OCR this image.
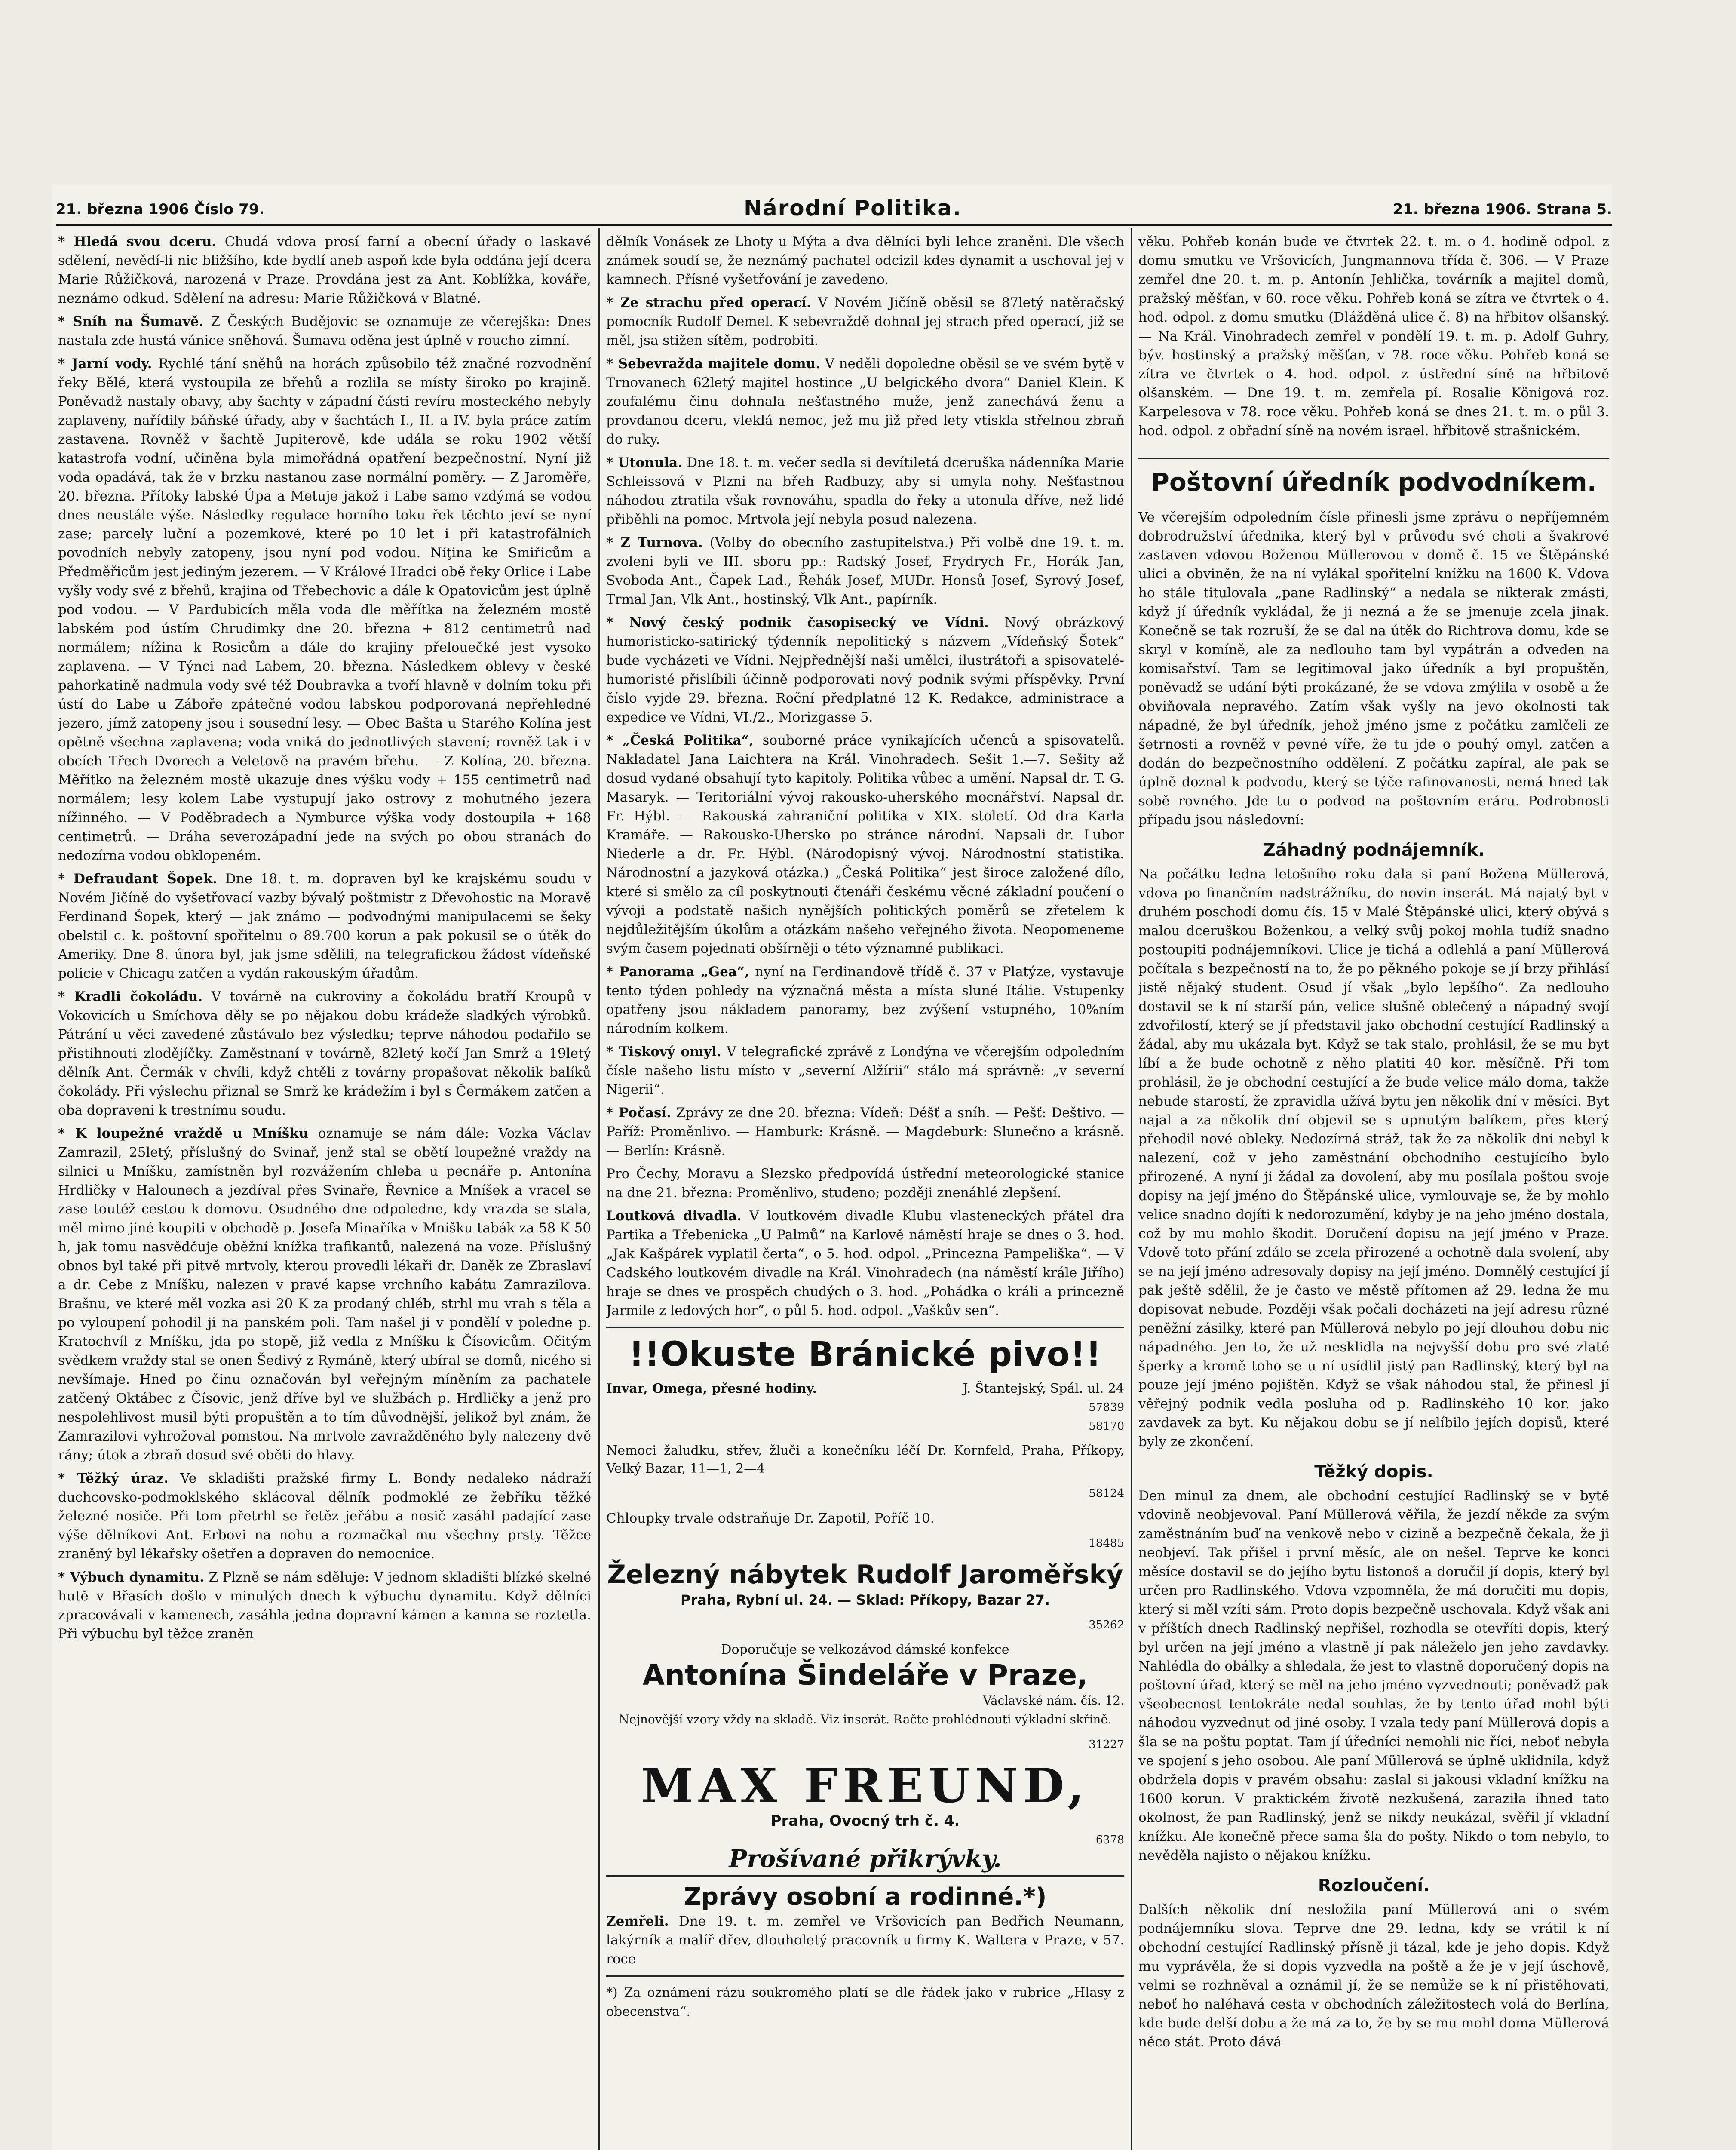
21. března 1906 Číslo 79.	Národní Politika.	21. března 1906. Strana 5.

* Hledá svou dceru. Chudá vdova prosí farní a obecní úřady o laskavé sdělení, nevědí-li nic bližšího, kde bydlí aneb aspoň kde byla oddána její dcera Marie Růžičková, narozená v Praze. Provdána jest za Ant. Koblížka, kováře, neznámo odkud. Sdělení na adresu: Marie Růžičková v Blatné.

* Sníh na Šumavě. Z Českých Budějovic se oznamuje ze včerejška: Dnes nastala zde hustá vánice sněhová. Šumava oděna jest úplně v roucho zimní.

* Jarní vody. Rychlé tání sněhů na horách způsobilo též značné rozvodnění řeky Bělé, která vystoupila ze břehů a rozlila se místy široko po krajině. Poněvadž nastaly obavy, aby šachty v západní části revíru mosteckého nebyly zaplaveny, nařídily báňské úřady, aby v šachtách I., II. a IV. byla práce zatím zastavena. Rovněž v šachtě Jupiterově, kde udála se roku 1902 větší katastrofa vodní, učiněna byla mimořádná opatření bezpečnostní. Nyní již voda opadává, tak že v brzku nastanou zase normální poměry. — Z Jaroměře, 20. března. Přítoky labské Úpa a Metuje jakož i Labe samo vzdýmá se vodou dnes neustále výše. Následky regulace horního toku řek těchto jeví se nyní zase; parcely luční a pozemkové, které po 10 let i při katastrofálních povodních nebyly zatopeny, jsou nyní pod vodou. Níţina ke Smiřicům a Předměřicům jest jediným jezerem. — V Králové Hradci obě řeky Orlice i Labe vyšly vody své z břehů, krajina od Třebechovic a dále k Opatovicům jest úplně pod vodou. — V Pardubicích měla voda dle měřítka na železném mostě labském pod ústím Chrudimky dne 20. března + 812 centimetrů nad normálem; nížina k Rosicům a dále do krajiny přelouečké jest vysoko zaplavena. — V Týnci nad Labem, 20. března. Následkem oblevy v české pahorkatině nadmula vody své též Doubravka a tvoří hlavně v dolním toku při ústí do Labe u Záboře zpátečné vodou labskou podporovaná nepřehledné jezero, jímž zatopeny jsou i sousední lesy. — Obec Bašta u Starého Kolína jest opětně všechna zaplavena; voda vniká do jednotlivých stavení; rovněž tak i v obcích Třech Dvorech a Veletově na pravém břehu. — Z Kolína, 20. března. Měřítko na železném mostě ukazuje dnes výšku vody + 155 centimetrů nad normálem; lesy kolem Labe vystupují jako ostrovy z mohutného jezera nížinného. — V Poděbradech a Nymburce výška vody dostoupila + 168 centimetrů. — Dráha severozápadní jede na svých po obou stranách do nedozírna vodou obklopeném.

* Defraudant Šopek. Dne 18. t. m. dopraven byl ke krajskému soudu v Novém Jičíně do vyšetřovací vazby bývalý poštmistr z Dřevohostic na Moravě Ferdinand Šopek, který — jak známo — podvodnými manipulacemi se šeky obelstil c. k. poštovní spořitelnu o 89.700 korun a pak pokusil se o útěk do Ameriky. Dne 8. února byl, jak jsme sdělili, na telegrafickou žádost vídeňské policie v Chicagu zatčen a vydán rakouským úřadům.

* Kradli čokoládu. V továrně na cukroviny a čokoládu bratří Kroupů v Vokovicích u Smíchova děly se po nějakou dobu krádeže sladkých výrobků. Pátrání u věci zavedené zůstávalo bez výsledku; teprve náhodou podařilo se přistihnouti zlodějíčky. Zaměstnaní v továrně, 82letý kočí Jan Smrž a 19letý dělník Ant. Čermák v chvíli, když chtěli z továrny propašovat několik balíků čokolády. Při výslechu přiznal se Smrž ke krádežím i byl s Čermákem zatčen a oba dopraveni k trestnímu soudu.

* K loupežné vraždě u Mníšku oznamuje se nám dále: Vozka Václav Zamrazil, 25letý, příslušný do Svinař, jenž stal se obětí loupežné vraždy na silnici u Mníšku, zamístněn byl rozvážením chleba u pecnáře p. Antonína Hrdličky v Halounech a jezdíval přes Svinaře, Řevnice a Mníšek a vracel se zase toutéž cestou k domovu. Osudného dne odpoledne, kdy vrazda se stala, měl mimo jiné koupiti v obchodě p. Josefa Minaříka v Mníšku tabák za 58 K 50 h, jak tomu nasvědčuje oběžní knížka trafikantů, nalezená na voze. Příslušný obnos byl také při pitvě mrtvoly, kterou provedli lékaři dr. Daněk ze Zbraslaví a dr. Cebe z Mníšku, nalezen v pravé kapse vrchního kabátu Zamrazilova. Brašnu, ve které měl vozka asi 20 K za prodaný chléb, strhl mu vrah s těla a po vyloupení pohodil ji na panském poli. Tam našel ji v pondělí v poledne p. Kratochvíl z Mníšku, jda po stopě, již vedla z Mníšku k Čísovicům. Očitým svědkem vraždy stal se onen Šedivý z Rymáně, který ubíral se domů, nicého si nevšímaje. Hned po činu označován byl veřejným míněním za pachatele zatčený Oktábec z Čísovic, jenž dříve byl ve službách p. Hrdličky a jenž pro nespolehlivost musil býti propuštěn a to tím důvodnější, jelikož byl znám, že Zamrazilovi vyhrožoval pomstou. Na mrtvole zavražděného byly nalezeny dvě rány; útok a zbraň dosud své oběti do hlavy.

* Těžký úraz. Ve skladišti pražské firmy L. Bondy nedaleko nádraží duchcovsko-podmoklského sklácoval dělník podmoklé ze žebříku těžké železné nosiče. Při tom přetrhl se řetěz jeřábu a nosič zasáhl padající zase výše dělníkovi Ant. Erbovi na nohu a rozmačkal mu všechny prsty. Těžce zraněný byl lékařsky ošetřen a dopraven do nemocnice.

* Výbuch dynamitu. Z Plzně se nám sděluje: V jednom skladišti blízké skelné hutě v Břasích došlo v minulých dnech k výbuchu dynamitu. Když dělníci zpracovávali v kamenech, zasáhla jedna dopravní kámen a kamna se roztetla. Při výbuchu byl těžce zraněn

dělník Vonásek ze Lhoty u Mýta a dva dělníci byli lehce zraněni. Dle všech známek soudí se, že neznámý pachatel odcizil kdes dynamit a uschoval jej v kamnech. Přísné vyšetřování je zavedeno.

* Ze strachu před operací. V Novém Jičíně oběsil se 87letý natěračský pomocník Rudolf Demel. K sebevraždě dohnal jej strach před operací, již se měl, jsa stižen sítěm, podrobiti.

* Sebevražda majitele domu. V neděli dopoledne oběsil se ve svém bytě v Trnovanech 62letý majitel hostince „U belgického dvora“ Daniel Klein. K zoufalému činu dohnala nešťastného muže, jenž zanechává ženu a provdanou dceru, vleklá nemoc, jež mu již před lety vtiskla střelnou zbraň do ruky.

* Utonula. Dne 18. t. m. večer sedla si devítiletá dceruška nádenníka Marie Schleissová v Plzni na břeh Radbuzy, aby si umyla nohy. Nešťastnou náhodou ztratila však rovnováhu, spadla do řeky a utonula dříve, než lidé přiběhli na pomoc. Mrtvola její nebyla posud nalezena.

* Z Turnova. (Volby do obecního zastupitelstva.) Při volbě dne 19. t. m. zvoleni byli ve III. sboru pp.: Radský Josef, Frydrych Fr., Horák Jan, Svoboda Ant., Čapek Lad., Řehák Josef, MUDr. Honsů Josef, Syrový Josef, Trmal Jan, Vlk Ant., hostinský, Vlk Ant., papírník.

* Nový český podnik časopisecký ve Vídni. Nový obrázkový humoristicko-satirický týdenník nepolitický s názvem „Vídeňský Šotek“ bude vycházeti ve Vídni. Nejpřednější naši umělci, ilustrátoři a spisovatelé-humoristé přislíbili účinně podporovati nový podnik svými příspěvky. První číslo vyjde 29. března. Roční předplatné 12 K. Redakce, administrace a expedice ve Vídni, VI./2., Morizgasse 5.

* „Česká Politika“, souborné práce vynikajících učenců a spisovatelů. Nakladatel Jana Laichtera na Král. Vinohradech. Sešit 1.—7. Sešity až dosud vydané obsahují tyto kapitoly. Politika vůbec a umění. Napsal dr. T. G. Masaryk. — Teritoriální vývoj rakousko-uherského mocnářství. Napsal dr. Fr. Hýbl. — Rakouská zahraniční politika v XIX. století. Od dra Karla Kramáře. — Rakousko-Uhersko po stránce národní. Napsali dr. Lubor Niederle a dr. Fr. Hýbl. (Národopisný vývoj. Národnostní statistika. Národnostní a jazyková otázka.) „Česká Politika“ jest široce založené dílo, které si smělo za cíl poskytnouti čtenáři českému věcné základní poučení o vývoji a podstatě našich nynějších politických poměrů se zřetelem k nejdůležitějším úkolům a otázkám našeho veřejného života. Neopomeneme svým časem pojednati obšírněji o této významné publikaci.

* Panorama „Gea“, nyní na Ferdinandově třídě č. 37 v Platýze, vystavuje tento týden pohledy na význačná města a místa sluné Itálie. Vstupenky opatřeny jsou nákladem panoramy, bez zvýšení vstupného, 10%ním národním kolkem.

* Tiskový omyl. V telegrafické zprávě z Londýna ve včerejším odpoledním čísle našeho listu místo v „severní Alžírii“ stálo má správně: „v severní Nigerii“.

* Počasí. Zprávy ze dne 20. března: Vídeň: Déšť a sníh. — Pešť: Deštivo. — Paříž: Proměnlivo. — Hamburk: Krásně. — Magdeburk: Slunečno a krásně. — Berlín: Krásně.

Pro Čechy, Moravu a Slezsko předpovídá ústřední meteorologické stanice na dne 21. března: Proměnlivo, studeno; později znenáhlé zlepšení.

Loutková divadla. V loutkovém divadle Klubu vlasteneckých přátel dra Partika a Třebenicka „U Palmů“ na Karlově náměstí hraje se dnes o 3. hod. „Jak Kašpárek vyplatil čerta“, o 5. hod. odpol. „Princezna Pampeliška“. — V Cadského loutkovém divadle na Král. Vinohradech (na náměstí krále Jiřího) hraje se dnes ve prospěch chudých o 3. hod. „Pohádka o králi a princezně Jarmile z ledových hor“, o půl 5. hod. odpol. „Vaškův sen“.

!!Okuste Bránické pivo!!
Invar, Omega, přesné hodiny.	J. Štantejský, Spál. ul. 24
57839
58170
Nemoci žaludku, střev, žluči a konečníku léčí Dr. Kornfeld, Praha, Příkopy, Velký Bazar, 11—1, 2—4
58124
Chloupky trvale odstraňuje Dr. Zapotil, Poříč 10.
18485
Železný nábytek Rudolf Jaroměřský
Praha, Rybní ul. 24. — Sklad: Příkopy, Bazar 27.
35262
Doporučuje se velkozávod dámské konfekce
Antonína Šindeláře v Praze,
Václavské nám. čís. 12.
Nejnovější vzory vždy na skladě. Viz inserát. Račte prohlédnouti výkladní skříně.
31227
MAX FREUND,
Praha, Ovocný trh č. 4.
6378
Prošívané přikrývky.
Zprávy osobní a rodinné.*)

Zemřeli. Dne 19. t. m. zemřel ve Vršovicích pan Bedřich Neumann, lakýrník a malíř dřev, dlouholetý pracovník u firmy K. Waltera v Praze, v 57. roce

*) Za oznámení rázu soukromého platí se dle řádek jako v rubrice „Hlasy z obecenstva“.

věku. Pohřeb konán bude ve čtvrtek 22. t. m. o 4. hodině odpol. z domu smutku ve Vršovicích, Jungmannova třída č. 306. — V Praze zemřel dne 20. t. m. p. Antonín Jehlička, továrník a majitel domů, pražský měšťan, v 60. roce věku. Pohřeb koná se zítra ve čtvrtek o 4. hod. odpol. z domu smutku (Dlážděná ulice č. 8) na hřbitov olšanský. — Na Král. Vinohradech zemřel v pondělí 19. t. m. p. Adolf Guhry, býv. hostinský a pražský měšťan, v 78. roce věku. Pohřeb koná se zítra ve čtvrtek o 4. hod. odpol. z ústřední síně na hřbitově olšanském. — Dne 19. t. m. zemřela pí. Rosalie Königová roz. Karpelesova v 78. roce věku. Pohřeb koná se dnes 21. t. m. o půl 3. hod. odpol. z obřadní síně na novém israel. hřbitově strašnickém.

Poštovní úředník podvodníkem.

Ve včerejším odpoledním čísle přinesli jsme zprávu o nepříjemném dobrodružství úřednika, který byl v průvodu své choti a švakrové zastaven vdovou Boženou Müllerovou v domě č. 15 ve Štěpánské ulici a obviněn, že na ní vylákal spořitelní knížku na 1600 K. Vdova ho stále titulovala „pane Radlinský“ a nedala se nikterak zmásti, když jí úředník vykládal, že ji nezná a že se jmenuje zcela jinak. Konečně se tak rozruší, že se dal na útěk do Richtrova domu, kde se skryl v komíně, ale za nedlouho tam byl vypátrán a odveden na komisařství. Tam se legitimoval jako úředník a byl propuštěn, poněvadž se udání býti prokázané, že se vdova zmýlila v osobě a že obviňovala nepravého. Zatím však vyšly na jevo okolnosti tak nápadné, že byl úředník, jehož jméno jsme z počátku zamlčeli ze šetrnosti a rovněž v pevné víře, že tu jde o pouhý omyl, zatčen a dodán do bezpečnostního oddělení. Z počátku zapíral, ale pak se úplně doznal k podvodu, který se týče rafinovanosti, nemá hned tak sobě rovného. Jde tu o podvod na poštovním eráru. Podrobnosti případu jsou následovní:

Záhadný podnájemník.

Na počátku ledna letošního roku dala si paní Božena Müllerová, vdova po finančním nadstrážníku, do novin inserát. Má najatý byt v druhém poschodí domu čís. 15 v Malé Štěpánské ulici, který obývá s malou dceruškou Boženkou, a velký svůj pokoj mohla tudíž snadno postoupiti podnájemníkovi. Ulice je tichá a odlehlá a paní Müllerová počítala s bezpečností na to, že po pěkného pokoje se jí brzy přihlásí jistě nějaký student. Osud jí však „bylo lepšího“. Za nedlouho dostavil se k ní starší pán, velice slušně oblečený a nápadný svojí zdvořilostí, který se jí představil jako obchodní cestující Radlinský a žádal, aby mu ukázala byt. Když se tak stalo, prohlásil, že se mu byt líbí a že bude ochotně z něho platiti 40 kor. měsíčně. Při tom prohlásil, že je obchodní cestující a že bude velice málo doma, takže nebude starostí, že zpravidla užívá bytu jen několik dní v měsíci. Byt najal a za několik dní objevil se s upnutým balíkem, přes který přehodil nové obleky. Nedozírná stráž, tak že za několik dní nebyl k nalezení, což v jeho zaměstnání obchodního cestujícího bylo přirozené. A nyní ji žádal za dovolení, aby mu posílala poštou svoje dopisy na její jméno do Štěpánské ulice, vymlouvaje se, že by mohlo velice snadno dojíti k nedorozumění, kdyby je na jeho jméno dostala, což by mu mohlo škodit. Doručení dopisu na její jméno v Praze. Vdově toto přání zdálo se zcela přirozené a ochotně dala svolení, aby se na její jméno adresovaly dopisy na její jméno. Domnělý cestující jí pak ještě sdělil, že je často ve městě přítomen až 29. ledna že mu dopisovat nebude. Později však počali docházeti na její adresu různé peněžní zásilky, které pan Müllerová nebylo po její dlouhou dobu nic nápadného. Jen to, že už nesklidla na nejvyšší dobu pro své zlaté šperky a kromě toho se u ní usídlil jistý pan Radlinský, který byl na pouze její jméno pojištěn. Když se však náhodou stal, že přinesl jí věřejný podnik vedla posluha od p. Radlinského 10 kor. jako zavdavek za byt. Ku nějakou dobu se jí nelíbilo jejích dopisů, které byly ze zkončení.

Těžký dopis.

Den minul za dnem, ale obchodní cestující Radlinský se v bytě vdovině neobjevoval. Paní Müllerová věřila, že jezdí někde za svým zaměstnáním buď na venkově nebo v cizině a bezpečně čekala, že ji neobjeví. Tak přišel i první měsíc, ale on nešel. Teprve ke konci měsíce dostavil se do jejího bytu listonoš a doručil jí dopis, který byl určen pro Radlinského. Vdova vzpomněla, že má doručiti mu dopis, který si měl vzíti sám. Proto dopis bezpečně uschovala. Když však ani v příštích dnech Radlinský nepřišel, rozhodla se otevříti dopis, který byl určen na její jméno a vlastně jí pak náleželo jen jeho zavdavky. Nahlédla do obálky a shledala, že jest to vlastně doporučený dopis na poštovní úřad, který se měl na jeho jméno vyzvednouti; poněvadž pak všeobecnost tentokráte nedal souhlas, že by tento úřad mohl býti náhodou vyzvednut od jiné osoby. I vzala tedy paní Müllerová dopis a šla se na poštu poptat. Tam jí úředníci nemohli nic říci, neboť nebyla ve spojení s jeho osobou. Ale paní Müllerová se úplně uklidnila, když obdržela dopis v pravém obsahu: zaslal si jakousi vkladní knížku na 1600 korun. V praktickém životě nezkušená, zaraziła ihned tato okolnost, že pan Radlinský, jenž se nikdy neukázal, svěřil jí vkladní knížku. Ale konečně přece sama šla do pošty. Nikdo o tom nebylo, to nevěděla najisto o nějakou knížku.

Rozloučení.

Dalších několik dní nesložila paní Müllerová ani o svém podnájemníku slova. Teprve dne 29. ledna, kdy se vrátil k ní obchodní cestující Radlinský přísně ji tázal, kde je jeho dopis. Když mu vyprávěla, že si dopis vyzvedla na poště a že je v její úschově, velmi se rozhněval a oznámil jí, že se nemůže se k ní přistěhovati, neboť ho naléhavá cesta v obchodních záležitostech volá do Berlína, kde bude delší dobu a že má za to, že by se mu mohl doma Müllerová něco stát. Proto dává
